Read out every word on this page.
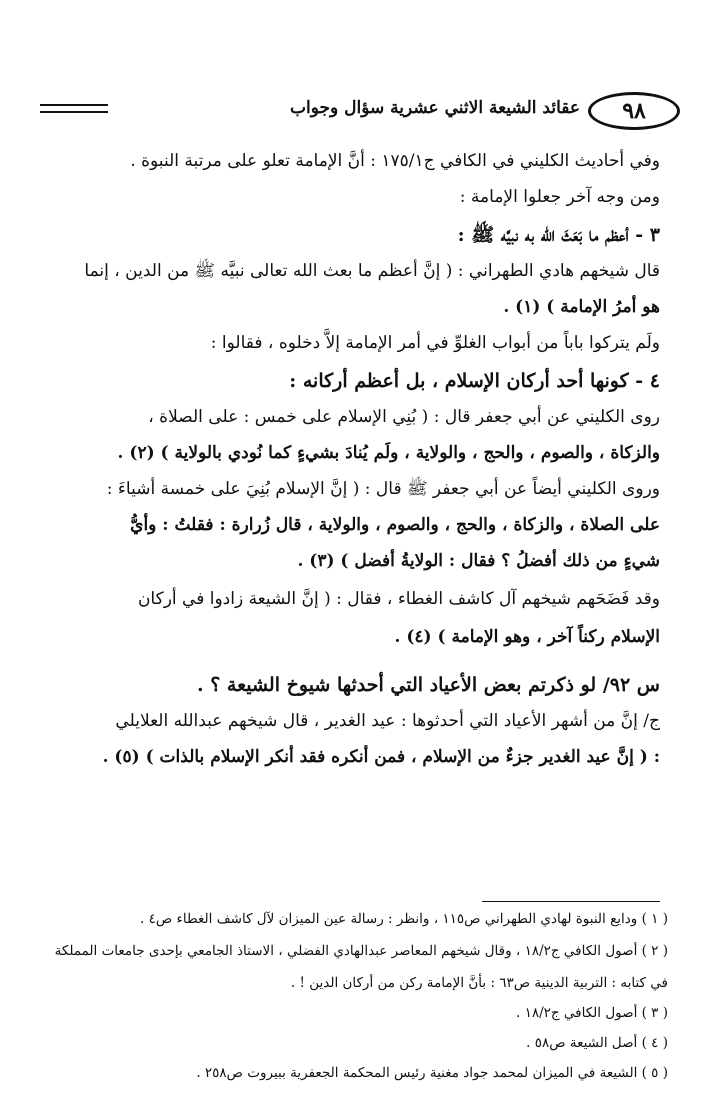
٩٨
عقائد الشيعة الاثني عشرية سؤال وجواب

وفي أحاديث الكليني في الكافي ج١٧٥/١ : أنَّ الإمامة تعلو على مرتبة النبوة .

ومن وجه آخر جعلوا الإمامة :

٣ - أعظم ما بَعَثَ الله به نبيَّه ﷺ :

قال شيخهم هادي الطهراني : ( إنَّ أعظم ما بعث الله تعالى نبيَّه ﷺ من الدين ، إنما

هو أمرُ الإمامة ) (١) .

ولَم يتركوا باباً من أبواب الغلوِّ في أمر الإمامة إلاَّ دخلوه ، فقالوا :

٤ - كونها أحد أركان الإسلام ، بل أعظم أركانه :

روى الكليني عن أبي جعفر قال : ( بُنِي الإسلام على خمس : على الصلاة ،

والزكاة ، والصوم ، والحج ، والولاية ، ولَم يُنادَ بشيءٍ كما نُودي بالولاية ) (٢) .

وروى الكليني أيضاً عن أبي جعفر ﷺ قال : ( إنَّ الإسلام بُنِيَ على خمسة أشياءَ :

على الصلاة ، والزكاة ، والحج ، والصوم ، والولاية ، قال زُرارة : فقلتُ : وأيُّ

شيءٍ من ذلك أفضلُ ؟ فقال : الولايةُ أفضل ) (٣) .

وقد فَضَحَهم شيخهم آل كاشف الغطاء ، فقال : ( إنَّ الشيعة زادوا في أركان

الإسلام ركناً آخر ، وهو الإمامة ) (٤) .

س ٩٢/ لو ذكرتم بعض الأعياد التي أحدثها شيوخ الشيعة ؟ .

ج/ إنَّ من أشهر الأعياد التي أحدثوها : عيد الغدير ، قال شيخهم عبدالله العلايلي

: ( إنَّ عيد الغدير جزءٌ من الإسلام ، فمن أنكره فقد أنكر الإسلام بالذات ) (٥) .

( ١ ) ودايع النبوة لهادي الطهراني ص١١٥ ، وانظر : رسالة عين الميزان لآل كاشف الغطاء ص٤ .

( ٢ ) أصول الكافي ج١٨/٢ ، وقال شيخهم المعاصر عبدالهادي الفضلي ، الاستاذ الجامعي بإحدى جامعات المملكة

في كتابه : التربية الدينية ص٦٣ : بأنَّ الإمامة ركن من أركان الدين ! .

( ٣ ) أصول الكافي ج١٨/٢ .

( ٤ ) أصل الشيعة ص٥٨ .

( ٥ ) الشيعة في الميزان لمحمد جواد مغنية رئيس المحكمة الجعفرية ببيروت ص٢٥٨ .
